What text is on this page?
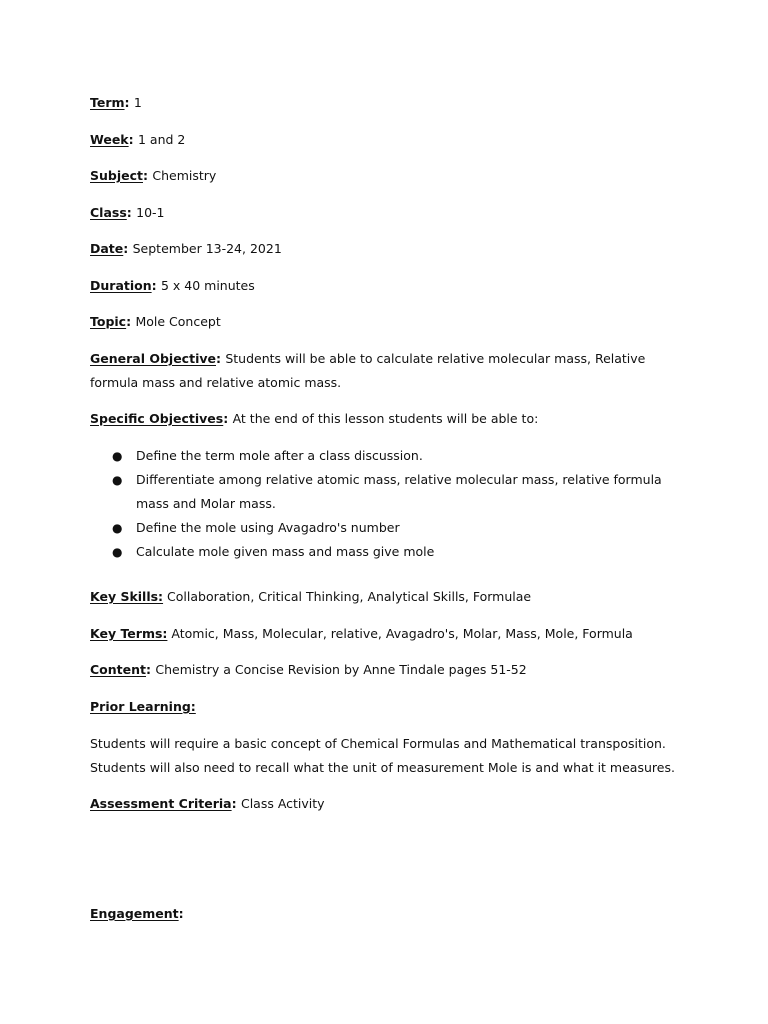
Term: 1
Week: 1 and 2
Subject: Chemistry
Class: 10-1
Date: September 13-24, 2021
Duration: 5 x 40 minutes
Topic: Mole Concept
General Objective: Students will be able to calculate relative molecular mass, Relative formula mass and relative atomic mass.
Specific Objectives: At the end of this lesson students will be able to:
● Define the term mole after a class discussion.
● Differentiate among relative atomic mass, relative molecular mass, relative formula mass and Molar mass.
● Define the mole using Avagadro's number
● Calculate mole given mass and mass give mole
Key Skills: Collaboration, Critical Thinking, Analytical Skills, Formulae
Key Terms: Atomic, Mass, Molecular, relative, Avagadro's, Molar, Mass, Mole, Formula
Content: Chemistry a Concise Revision by Anne Tindale pages 51-52
Prior Learning:
Students will require a basic concept of Chemical Formulas and Mathematical transposition. Students will also need to recall what the unit of measurement Mole is and what it measures.
Assessment Criteria: Class Activity
Engagement:
